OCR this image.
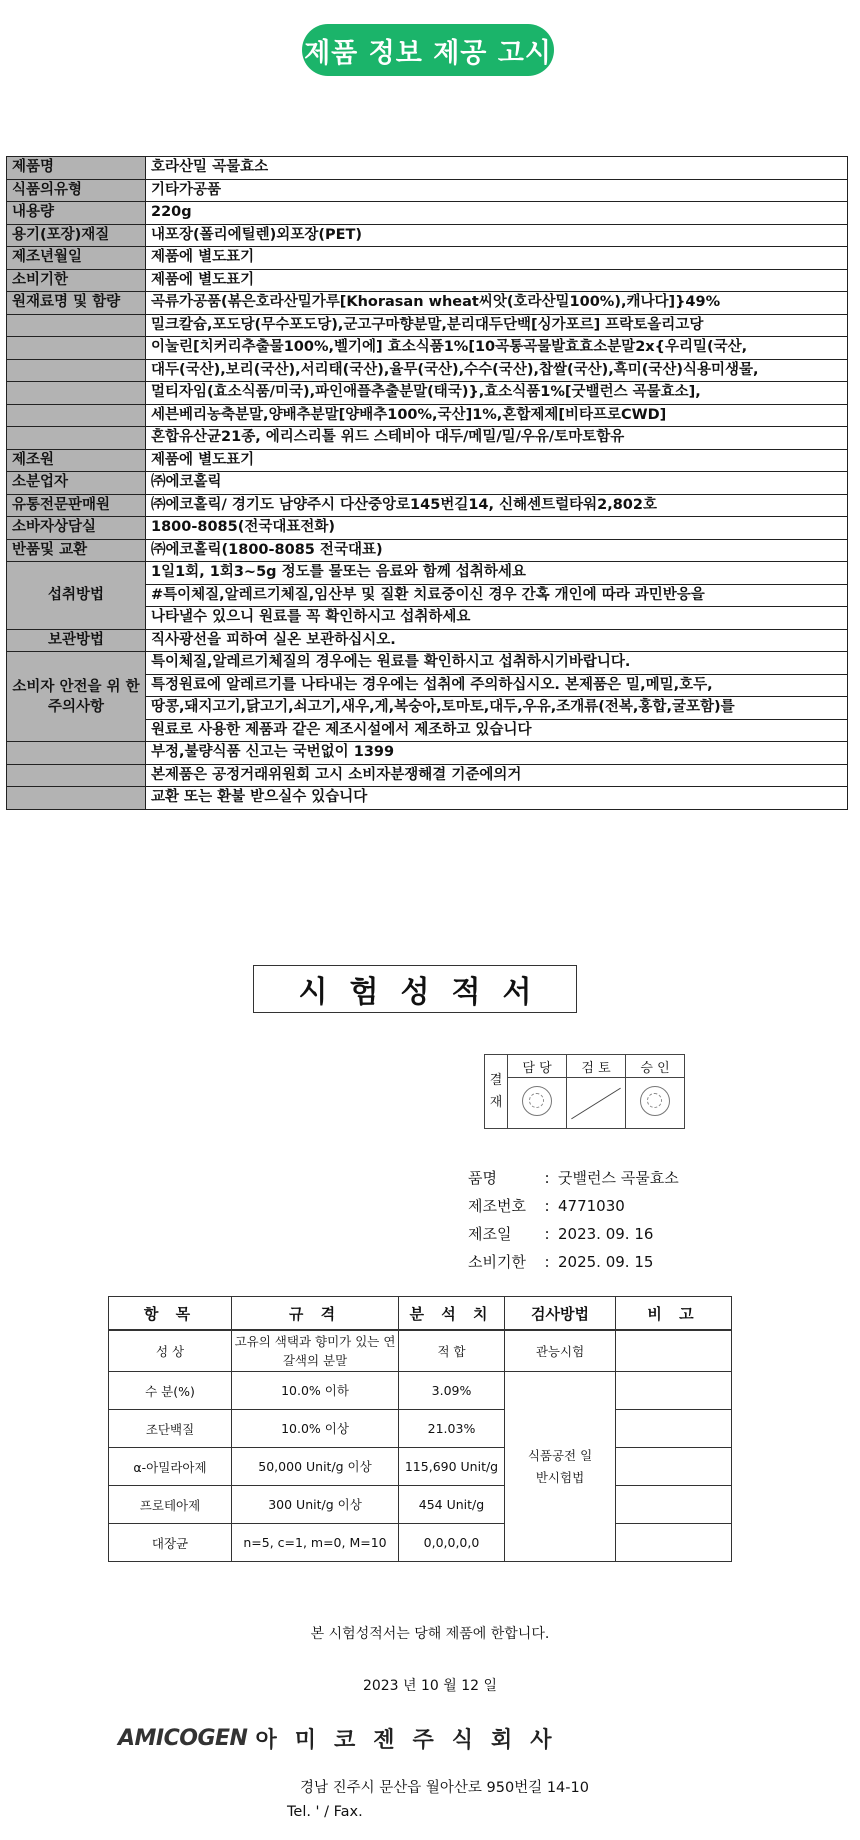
제품 정보 제공 고시
제품명	호라산밀 곡물효소
식품의유형	기타가공품
내용량	220g
용기(포장)재질	내포장(폴리에틸렌)외포장(PET)
제조년월일	제품에 별도표기
소비기한	제품에 별도표기
원재료명 및 함량	곡류가공품(볶은호라산밀가루[Khorasan wheat씨앗(호라산밀100%),캐나다]}49%
	밀크칼슘,포도당(무수포도당),군고구마향분말,분리대두단백[싱가포르] 프락토올리고당
	이눌린[치커리추출물100%,벨기에] 효소식품1%[10곡통곡물발효효소분말2x{우리밀(국산,
	대두(국산),보리(국산),서리태(국산),율무(국산),수수(국산),찹쌀(국산),흑미(국산)식용미생물,
	멀티자임(효소식품/미국),파인애플추출분말(태국)},효소식품1%[굿밸런스 곡물효소],
	세븐베리농축분말,양배추분말[양배추100%,국산]1%,혼합제제[비타프로CWD]
	혼합유산균21종, 에리스리톨 위드 스테비아 대두/메밀/밀/우유/토마토함유
제조원	제품에 별도표기
소분업자	㈜에코홀릭
유통전문판매원	㈜에코홀릭/ 경기도 남양주시 다산중앙로145번길14, 신해센트럴타워2,802호
소바자상담실	1800-8085(전국대표전화)
반품및 교환	㈜에코홀릭(1800-8085 전국대표)
섭취방법	1일1회, 1회3~5g 정도를 물또는 음료와 함께 섭취하세요
	#특이체질,알레르기체질,임산부 및 질환 치료중이신 경우 간혹 개인에 따라 과민반응을
	나타낼수 있으니 원료를 꼭 확인하시고 섭취하세요
보관방법	직사광선을 피하여 실온 보관하십시오.
소비자 안전을 위 한 주의사항	특이체질,알레르기체질의 경우에는 원료를 확인하시고 섭취하시기바랍니다.
	특정원료에 알레르기를 나타내는 경우에는 섭취에 주의하십시오. 본제품은 밀,메밀,호두,
	땅콩,돼지고기,닭고기,쇠고기,새우,게,복숭아,토마토,대두,우유,조개류(전복,홍합,굴포함)를
	원료로 사용한 제품과 같은 제조시설에서 제조하고 있습니다
	부정,불량식품 신고는 국번없이 1399
	본제품은 공정거래위원회 고시 소비자분쟁해결 기준에의거
	교환 또는 환불 받으실수 있습니다
시험성적서
결재	담 당	검 토	승 인

품명	: 굿밸런스 곡물효소
제조번호	: 4771030
제조일	: 2023. 09. 16
소비기한	: 2025. 09. 15
항 목	규 격	분 석 치	검사방법	비 고
성 상	고유의 색택과 향미가 있는 연갈색의 분말	적 합	관능시험	
수 분(%)	10.0% 이하	3.09%	식품공전 일반시험법	
조단백질	10.0% 이상	21.03%		
α-아밀라아제	50,000 Unit/g 이상	115,690 Unit/g		
프로테아제	300 Unit/g 이상	454 Unit/g		
대장균	n=5, c=1, m=0, M=10	0,0,0,0,0		
본 시험성적서는 당해 제품에 한합니다.
2023 년 10 월 12 일
AMICOGEN 아미코젠주식회사
경남 진주시 문산읍 월아산로 950번길 14-10
Tel. ' / Fax.
